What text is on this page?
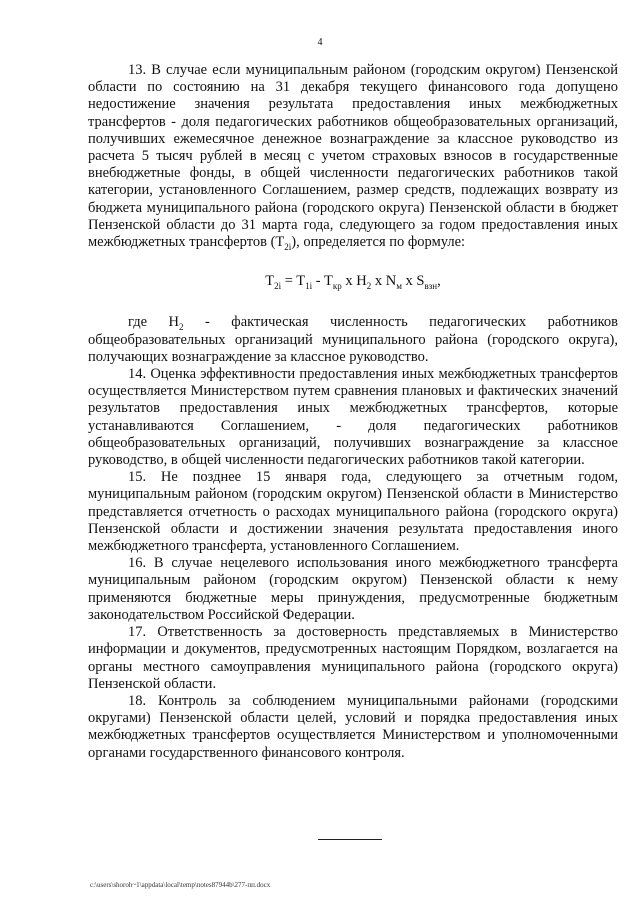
4

13. В случае если муниципальным районом (городским округом) Пензенской области по состоянию на 31 декабря текущего финансового года допущено недостижение значения результата предоставления иных межбюджетных трансфертов - доля педагогических работников общеобразовательных организаций, получивших ежемесячное денежное вознаграждение за классное руководство из расчета 5 тысяч рублей в месяц с учетом страховых взносов в государственные внебюджетные фонды, в общей численности педагогических работников такой категории, установленного Соглашением, размер средств, подлежащих возврату из бюджета муниципального района (городского округа) Пензенской области в бюджет Пензенской области до 31 марта года, следующего за годом предоставления иных межбюджетных трансфертов $(T_{2i})$, определяется по формуле:

$T_{2i} = T_{1i} - T_{кр}$ x $H_2$ x $N_м$ x $S_{взн}$,

где $H_2$ - фактическая численность педагогических работников общеобразовательных организаций муниципального района (городского округа), получающих вознаграждение за классное руководство.

14. Оценка эффективности предоставления иных межбюджетных трансфертов осуществляется Министерством путем сравнения плановых и фактических значений результатов предоставления иных межбюджетных трансфертов, которые устанавливаются Соглашением, - доля педагогических работников общеобразовательных организаций, получивших вознаграждение за классное руководство, в общей численности педагогических работников такой категории.

15. Не позднее 15 января года, следующего за отчетным годом, муниципальным районом (городским округом) Пензенской области в Министерство представляется отчетность о расходах муниципального района (городского округа) Пензенской области и достижении значения результата предоставления иного межбюджетного трансферта, установленного Соглашением.

16. В случае нецелевого использования иного межбюджетного трансферта муниципальным районом (городским округом) Пензенской области к нему применяются бюджетные меры принуждения, предусмотренные бюджетным законодательством Российской Федерации.

17. Ответственность за достоверность представляемых в Министерство информации и документов, предусмотренных настоящим Порядком, возлагается на органы местного самоуправления муниципального района (городского округа) Пензенской области.

18. Контроль за соблюдением муниципальными районами (городскими округами) Пензенской области целей, условий и порядка предоставления иных межбюджетных трансфертов осуществляется Министерством и уполномоченными органами государственного финансового контроля.

c:\users\shoroh~1\appdata\local\temp\notes87944b\277-пп.docx
